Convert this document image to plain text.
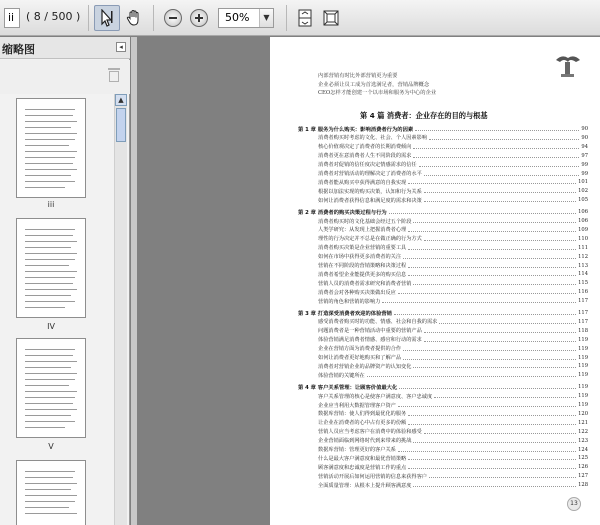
ii	( 8 / 500 )	50%	▼
缩略图	◂
iii
IV
V
▲
内部营销有时比外部营销更为重要
企业必须让员工成为首选满足者，营销品牌概念
CEO怎样才能创建一个以市场和服务为中心的企业
第 4 篇 消费者：企业存在的目的与根基
第 1 章 服务为什么购买：影响消费者行为的因素	90
消费者购买时考虑的文化、社会、个人因素影响	90
核心价值观决定了消费者的长期消费倾向	94
消费者更在意消费者人生不同阶段的需求	97
消费者对促销的信任度决定情感需求的信任	99
消费者对营销活动的理解决定了消费者的水平	99
消费者能从购买中获得满意的自我实现	101
根据以加法实现的购买决策，认知和行为关系	102
如何让消费者获得信息和满足度的需求和决策	105
第 2 章 消费者的购买决策过程与行为	106
消费者购买时的文化基础会经过五个阶段	106
人类学研究：从发现上把握消费者心理	109
理性的行为决定并不总是在做正确的行为方式	110
消费者购买决策是企业营销的重要工具	111
如何在市场中获得更多消费者的关注	112
营销在不同阶段的营销策略和决策过程	113
消费者希望企业能提供更多的购买信息	114
营销人员的消费者需求研究和消费者营销	115
消费者会对各种购买决策做出反应	116
营销的角色和营销的影响力	117
第 3 章 打造深受消费者欢迎的体验营销	117
感受消费者购买时的功能、情感、社会和自我的需求	117
问题消费者是一种营销活动中重要的营销产品	118
体验营销满足消费者情感、感官和行动的需求	119
企业在营销方面为消费者提供的合作	119
如何让消费者更好地购买和了解产品	119
消费者对营销企业的品牌资产的认知变化	119
体验营销的关键所在	119
第 4 章 客户关系管理：让顾客价值最大化	119
客户关系管理的核心是使客户满意度、客户忠诚度	119
企业应当利用大数据管理客户资产	119
数据库营销：使人们得到最优化的服务	120
让企业在消费者的心中占有更多的份额	121
营销人员应当考虑客户在消费中的体验和感受	122
企业营销面临到网络时代到来带来的挑战	123
数据库营销：管理更好的客户关系	124
什么是最大客户满意度和最优营销策略	125
顾客满意度和忠诚度是营销工作的重点	126
营销活动开展后如何运用营销的信息来获得客户	127
全面质量管理：从根本上提升顾客满意度	128
13
